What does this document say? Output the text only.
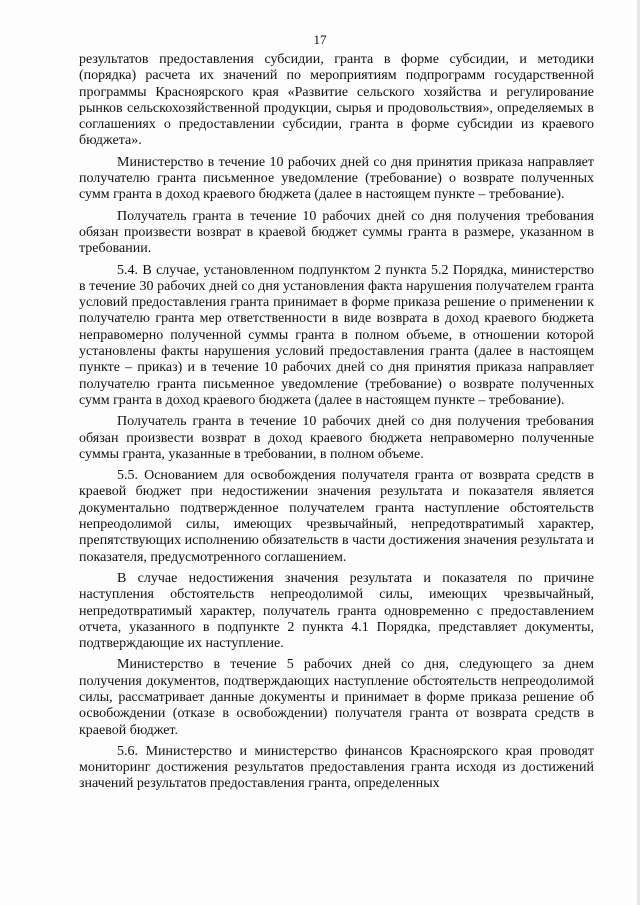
17

результатов предоставления субсидии, гранта в форме субсидии, и методики (порядка) расчета их значений по мероприятиям подпрограмм государственной программы Красноярского края «Развитие сельского хозяйства и регулирование рынков сельскохозяйственной продукции, сырья и продовольствия», определяемых в соглашениях о предоставлении субсидии, гранта в форме субсидии из краевого бюджета».

Министерство в течение 10 рабочих дней со дня принятия приказа направляет получателю гранта письменное уведомление (требование) о возврате полученных сумм гранта в доход краевого бюджета (далее в настоящем пункте – требование).

Получатель гранта в течение 10 рабочих дней со дня получения требования обязан произвести возврат в краевой бюджет суммы гранта в размере, указанном в требовании.

5.4. В случае, установленном подпунктом 2 пункта 5.2 Порядка, министерство в течение 30 рабочих дней со дня установления факта нарушения получателем гранта условий предоставления гранта принимает в форме приказа решение о применении к получателю гранта мер ответственности в виде возврата в доход краевого бюджета неправомерно полученной суммы гранта в полном объеме, в отношении которой установлены факты нарушения условий предоставления гранта (далее в настоящем пункте – приказ) и в течение 10 рабочих дней со дня принятия приказа направляет получателю гранта письменное уведомление (требование) о возврате полученных сумм гранта в доход краевого бюджета (далее в настоящем пункте – требование).

Получатель гранта в течение 10 рабочих дней со дня получения требования обязан произвести возврат в доход краевого бюджета неправомерно полученные суммы гранта, указанные в требовании, в полном объеме.

5.5. Основанием для освобождения получателя гранта от возврата средств в краевой бюджет при недостижении значения результата и показателя является документально подтвержденное получателем гранта наступление обстоятельств непреодолимой силы, имеющих чрезвычайный, непредотвратимый характер, препятствующих исполнению обязательств в части достижения значения результата и показателя, предусмотренного соглашением.

В случае недостижения значения результата и показателя по причине наступления обстоятельств непреодолимой силы, имеющих чрезвычайный, непредотвратимый характер, получатель гранта одновременно с предоставлением отчета, указанного в подпункте 2 пункта 4.1 Порядка, представляет документы, подтверждающие их наступление.

Министерство в течение 5 рабочих дней со дня, следующего за днем получения документов, подтверждающих наступление обстоятельств непреодолимой силы, рассматривает данные документы и принимает в форме приказа решение об освобождении (отказе в освобождении) получателя гранта от возврата средств в краевой бюджет.

5.6. Министерство и министерство финансов Красноярского края проводят мониторинг достижения результатов предоставления гранта исходя из достижений значений результатов предоставления гранта, определенных
